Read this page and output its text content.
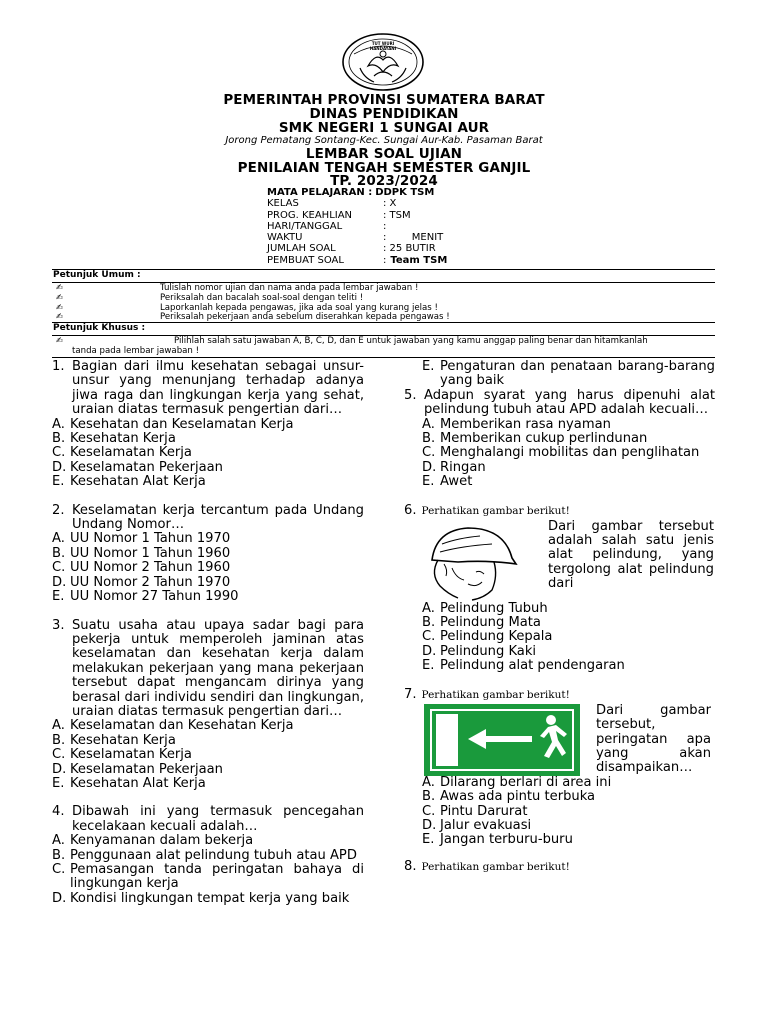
TUT WURI HANDAYANI
PEMERINTAH PROVINSI SUMATERA BARAT
DINAS PENDIDIKAN
SMK NEGERI 1 SUNGAI AUR
Jorong Pematang Sontang-Kec. Sungai Aur-Kab. Pasaman Barat
LEMBAR SOAL UJIAN
PENILAIAN TENGAH SEMESTER GANJIL
TP. 2023/2024
MATA PELAJARAN : DDPK TSM
KELAS	: X
PROG. KEAHLIAN	: TSM
HARI/TANGGAL	:
WAKTU	:        MENIT
JUMLAH SOAL	: 25 BUTIR
PEMBUAT SOAL	: Team TSM
Petunjuk Umum :
✍	Tulislah nomor ujian dan nama anda pada lembar jawaban !
✍	Periksalah dan bacalah soal-soal dengan teliti !
✍	Laporkanlah kepada pengawas, jika ada soal yang kurang jelas !
✍	Periksalah pekerjaan anda sebelum diserahkan kepada pengawas !
Petunjuk Khusus :
✍	Pilihlah salah satu jawaban A, B, C, D, dan E untuk jawaban yang kamu anggap paling benar dan hitamkanlah
tanda pada lembar jawaban !
1. Bagian dari ilmu kesehatan sebagai unsur-unsur yang menunjang terhadap adanya jiwa raga dan lingkungan kerja yang sehat, uraian diatas termasuk pengertian dari…
A. Kesehatan dan Keselamatan Kerja
B. Kesehatan Kerja
C. Keselamatan Kerja
D. Keselamatan Pekerjaan
E. Kesehatan Alat Kerja
2. Keselamatan kerja tercantum pada Undang Undang Nomor…
A. UU Nomor 1 Tahun 1970
B. UU Nomor 1 Tahun 1960
C. UU Nomor 2 Tahun 1960
D. UU Nomor 2 Tahun 1970
E. UU Nomor 27 Tahun 1990
3. Suatu usaha atau upaya sadar bagi para pekerja untuk memperoleh jaminan atas keselamatan dan kesehatan kerja dalam melakukan pekerjaan yang mana pekerjaan tersebut dapat mengancam dirinya yang berasal dari individu sendiri dan lingkungan, uraian diatas termasuk pengertian dari…
A. Keselamatan dan Kesehatan Kerja
B. Kesehatan Kerja
C. Keselamatan Kerja
D. Keselamatan Pekerjaan
E. Kesehatan Alat Kerja
4. Dibawah ini yang termasuk pencegahan kecelakaan kecuali adalah…
A. Kenyamanan dalam bekerja
B. Penggunaan alat pelindung tubuh atau APD
C. Pemasangan tanda peringatan bahaya di lingkungan kerja
D. Kondisi lingkungan tempat kerja yang baik
E. Pengaturan dan penataan barang-barang yang baik
5. Adapun syarat yang harus dipenuhi alat pelindung tubuh atau APD adalah kecuali…
A. Memberikan rasa nyaman
B. Memberikan cukup perlindunan
C. Menghalangi mobilitas dan penglihatan
D. Ringan
E. Awet
6. Perhatikan gambar berikut!
Dari gambar tersebut adalah salah satu jenis alat pelindung, yang tergolong alat pelindung dari
A. Pelindung Tubuh
B. Pelindung Mata
C. Pelindung Kepala
D. Pelindung Kaki
E. Pelindung alat pendengaran
7. Perhatikan gambar berikut!
Dari gambar tersebut, peringatan apa yang akan disampaikan…
A. Dilarang berlari di area ini
B. Awas ada pintu terbuka
C. Pintu Darurat
D. Jalur evakuasi
E. Jangan terburu-buru
8. Perhatikan gambar berikut!
